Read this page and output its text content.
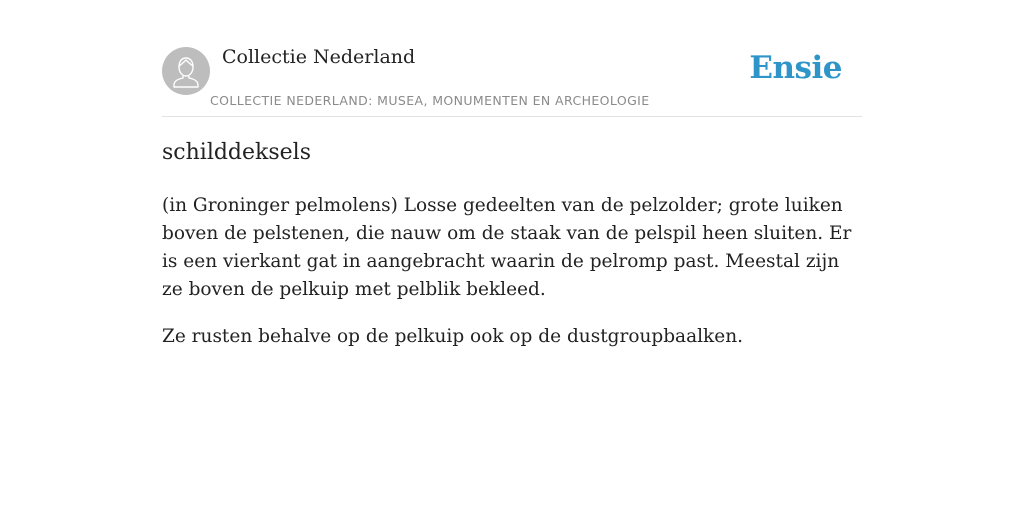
Collectie Nederland
COLLECTIE NEDERLAND: MUSEA, MONUMENTEN EN ARCHEOLOGIE
Ensie
schilddeksels

(in Groninger pelmolens) Losse gedeelten van de pelzolder; grote luiken boven de pelstenen, die nauw om de staak van de pelspil heen sluiten. Er is een vierkant gat in aangebracht waarin de pelromp past. Meestal zijn ze boven de pelkuip met pelblik bekleed.

Ze rusten behalve op de pelkuip ook op de dustgroupbaalken.
